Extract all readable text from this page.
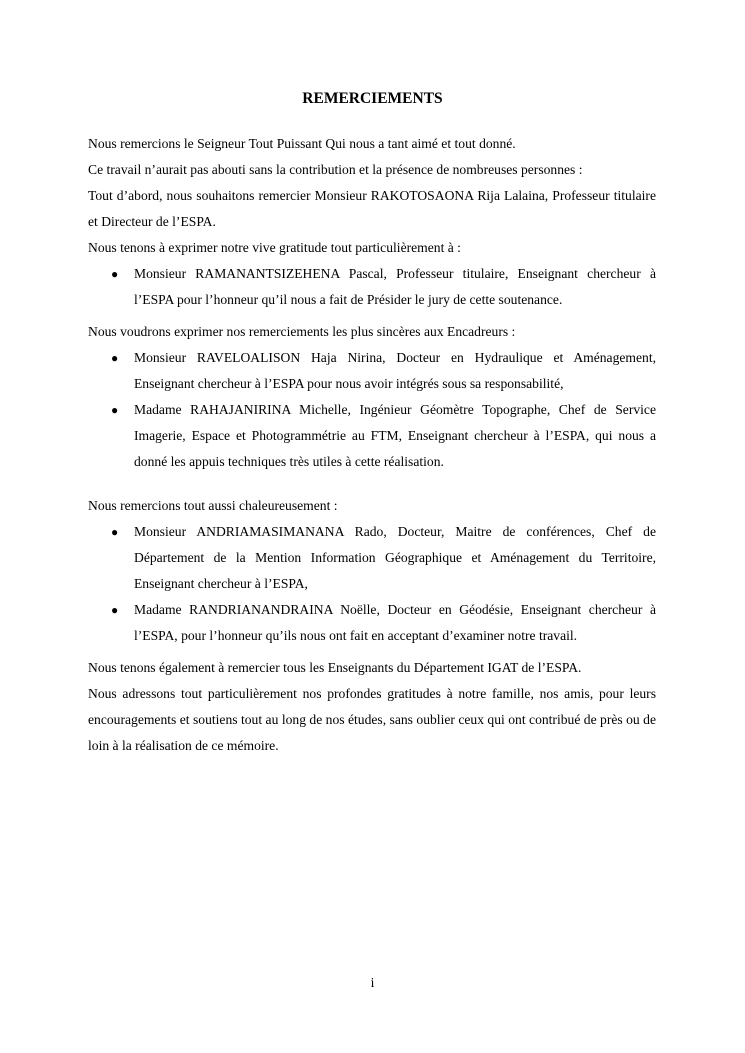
REMERCIEMENTS

Nous remercions le Seigneur Tout Puissant Qui nous a tant aimé et tout donné.

Ce travail n’aurait pas abouti sans la contribution et la présence de nombreuses personnes :

Tout d’abord, nous souhaitons remercier Monsieur RAKOTOSAONA Rija Lalaina, Professeur titulaire et Directeur de l’ESPA.

Nous tenons à exprimer notre vive gratitude tout particulièrement à :

● Monsieur RAMANANTSIZEHENA Pascal, Professeur titulaire, Enseignant chercheur à l’ESPA pour l’honneur qu’il nous a fait de Présider le jury de cette soutenance.

Nous voudrons exprimer nos remerciements les plus sincères aux Encadreurs :

● Monsieur RAVELOALISON Haja Nirina, Docteur en Hydraulique et Aménagement, Enseignant chercheur à l’ESPA pour nous avoir intégrés sous sa responsabilité,
● Madame RAHAJANIRINA Michelle, Ingénieur Géomètre Topographe, Chef de Service Imagerie, Espace et Photogrammétrie au FTM, Enseignant chercheur à l’ESPA, qui nous a donné les appuis techniques très utiles à cette réalisation.

Nous remercions tout aussi chaleureusement :

● Monsieur ANDRIAMASIMANANA Rado, Docteur, Maitre de conférences, Chef de Département de la Mention Information Géographique et Aménagement du Territoire, Enseignant chercheur à l’ESPA,
● Madame RANDRIANANDRAINA Noëlle, Docteur en Géodésie, Enseignant chercheur à l’ESPA, pour l’honneur qu’ils nous ont fait en acceptant d’examiner notre travail.

Nous tenons également à remercier tous les Enseignants du Département IGAT de l’ESPA.

Nous adressons tout particulièrement nos profondes gratitudes à notre famille, nos amis, pour leurs encouragements et soutiens tout au long de nos études, sans oublier ceux qui ont contribué de près ou de loin à la réalisation de ce mémoire.

i
